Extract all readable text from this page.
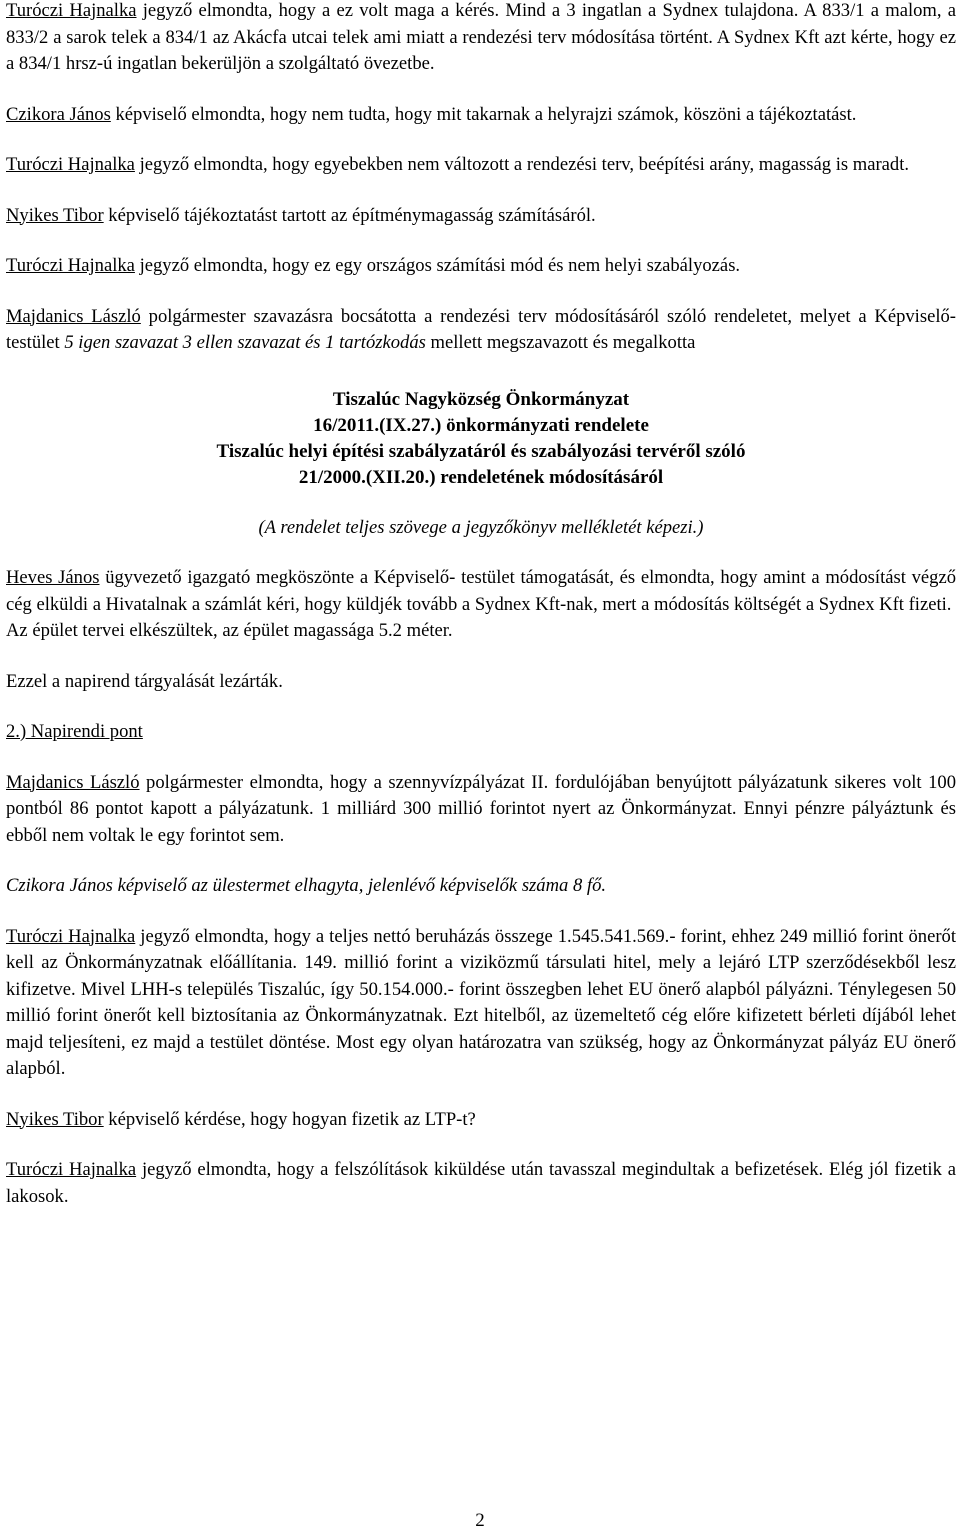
Turóczi Hajnalka jegyző elmondta, hogy a ez volt maga a kérés. Mind a 3 ingatlan a Sydnex tulajdona. A 833/1 a malom, a 833/2 a sarok telek a 834/1 az Akácfa utcai telek ami miatt a rendezési terv módosítása történt. A Sydnex Kft azt kérte, hogy ez a 834/1 hrsz-ú ingatlan bekerüljön a szolgáltató övezetbe.

Czikora János képviselő elmondta, hogy nem tudta, hogy mit takarnak a helyrajzi számok, köszöni a tájékoztatást.

Turóczi Hajnalka jegyző elmondta, hogy egyebekben nem változott a rendezési terv, beépítési arány, magasság is maradt.

Nyikes Tibor képviselő tájékoztatást tartott az építménymagasság számításáról.

Turóczi Hajnalka jegyző elmondta, hogy ez egy országos számítási mód és nem helyi szabályozás.

Majdanics László polgármester szavazásra bocsátotta a rendezési terv módosításáról szóló rendeletet, melyet a Képviselő- testület 5 igen szavazat 3 ellen szavazat és 1 tartózkodás mellett megszavazott és megalkotta

Tiszalúc Nagyközség Önkormányzat

16/2011.(IX.27.) önkormányzati rendelete

Tiszalúc helyi építési szabályzatáról és szabályozási tervéről szóló

21/2000.(XII.20.) rendeletének módosításáról

(A rendelet teljes szövege a jegyzőkönyv mellékletét képezi.)

Heves János ügyvezető igazgató megköszönte a Képviselő- testület támogatását, és elmondta, hogy amint a módosítást végző cég elküldi a Hivatalnak a számlát kéri, hogy küldjék tovább a Sydnex Kft-nak, mert a módosítás költségét a Sydnex Kft fizeti.

Az épület tervei elkészültek, az épület magassága 5.2 méter.

Ezzel a napirend tárgyalását lezárták.

2.) Napirendi pont

Majdanics László polgármester elmondta, hogy a szennyvízpályázat II. fordulójában benyújtott pályázatunk sikeres volt 100 pontból 86 pontot kapott a pályázatunk. 1 milliárd 300 millió forintot nyert az Önkormányzat. Ennyi pénzre pályáztunk és ebből nem voltak le egy forintot sem.

Czikora János képviselő az ülestermet elhagyta, jelenlévő képviselők száma 8 fő.

Turóczi Hajnalka jegyző elmondta, hogy a teljes nettó beruházás összege 1.545.541.569.- forint, ehhez 249 millió forint önerőt kell az Önkormányzatnak előállítania. 149. millió forint a viziközmű társulati hitel, mely a lejáró LTP szerződésekből lesz kifizetve. Mivel LHH-s település Tiszalúc, így 50.154.000.- forint összegben lehet EU önerő alapból pályázni. Ténylegesen 50 millió forint önerőt kell biztosítania az Önkormányzatnak. Ezt hitelből, az üzemeltető cég előre kifizetett bérleti díjából lehet majd teljesíteni, ez majd a testület döntése. Most egy olyan határozatra van szükség, hogy az Önkormányzat pályáz EU önerő alapból.

Nyikes Tibor képviselő kérdése, hogy hogyan fizetik az LTP-t?

Turóczi Hajnalka jegyző elmondta, hogy a felszólítások kiküldése után tavasszal megindultak a befizetések. Elég jól fizetik a lakosok.

2
